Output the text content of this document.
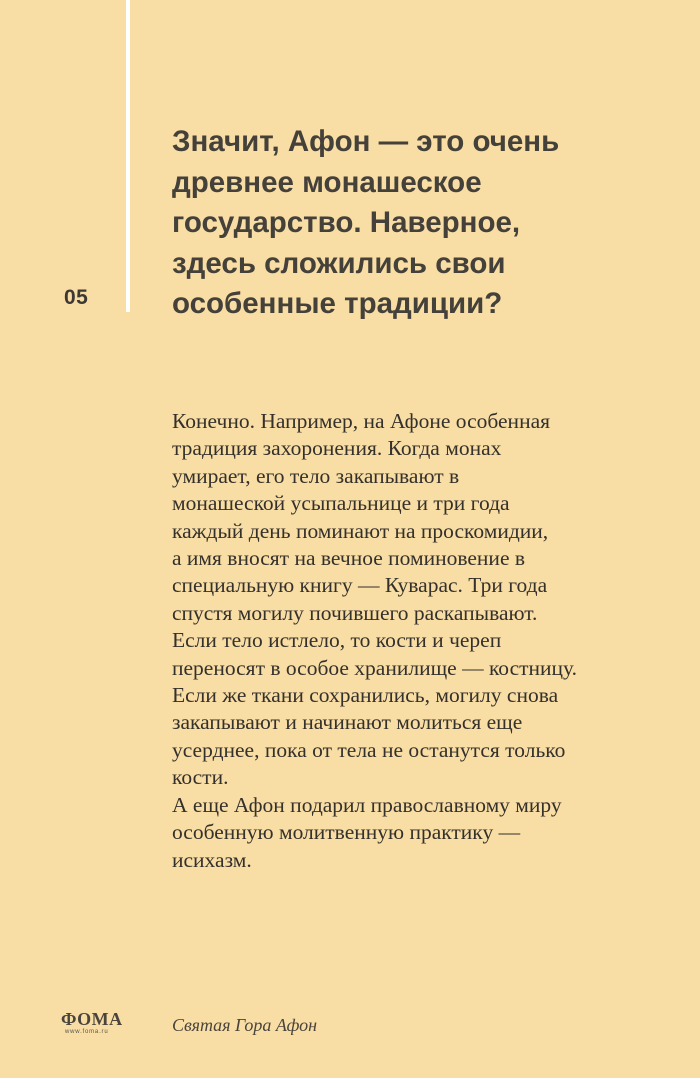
05
Значит, Афон — это очень
древнее монашеское
государство. Наверное,
здесь сложились свои
особенные традиции?
Конечно. Например, на Афоне особенная
традиция захоронения. Когда монах
умирает, его тело закапывают в
монашеской усыпальнице и три года
каждый день поминают на проскомидии,
а имя вносят на вечное поминовение в
специальную книгу — Куварас. Три года
спустя могилу почившего раскапывают.
Если тело истлело, то кости и череп
переносят в особое хранилище — костницу.
Если же ткани сохранились, могилу снова
закапывают и начинают молиться еще
усерднее, пока от тела не останутся только
кости.
А еще Афон подарил православному миру
особенную молитвенную практику —
исихазм.
ФОМА
www.foma.ru	Святая Гора Афон
